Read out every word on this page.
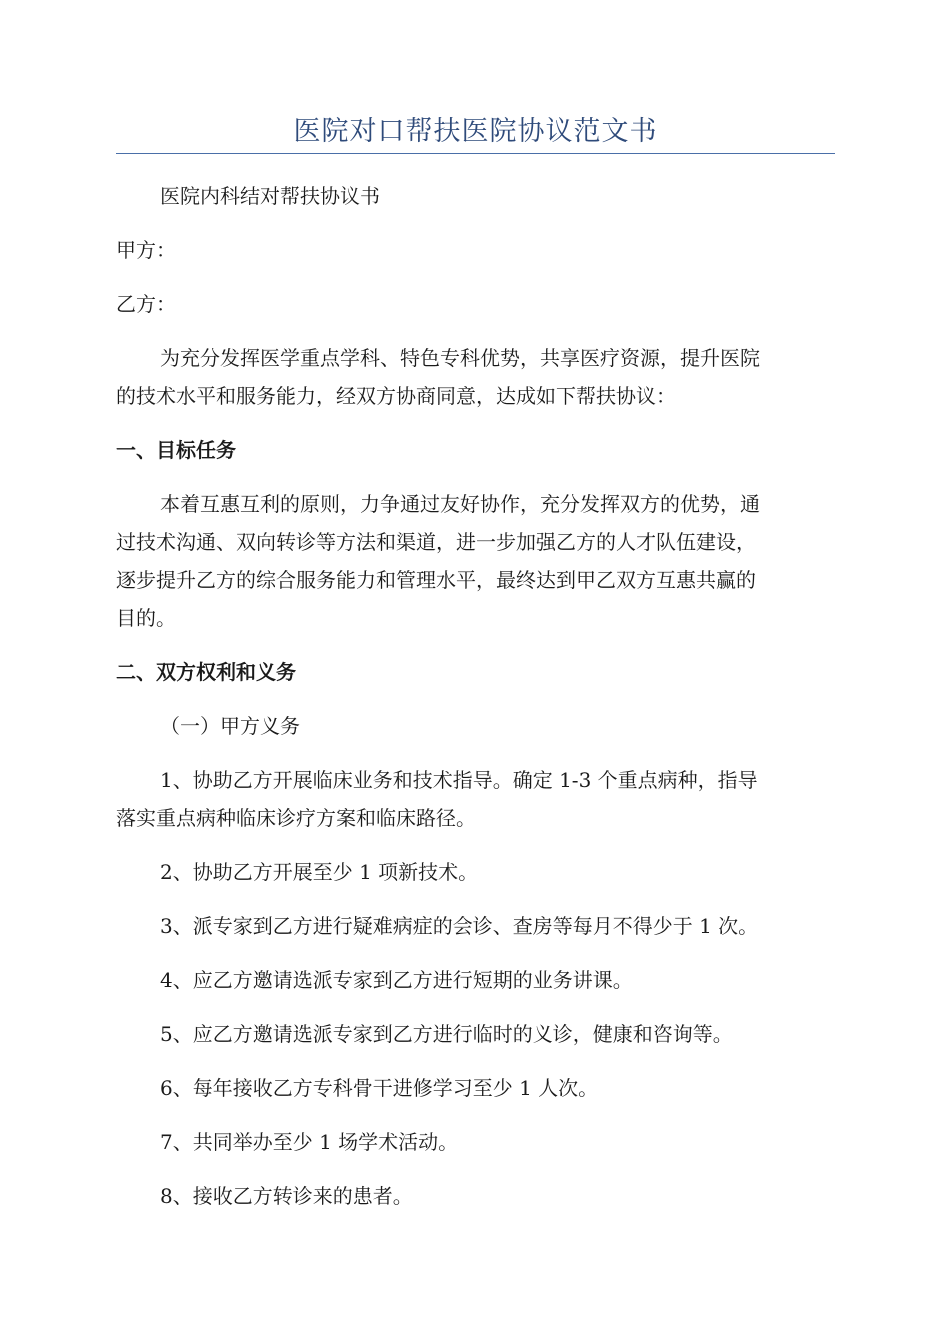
医院对口帮扶医院协议范文书
医院内科结对帮扶协议书
甲方：
乙方：
为充分发挥医学重点学科、特色专科优势，共享医疗资源，提升医院
的技术水平和服务能力，经双方协商同意，达成如下帮扶协议：
一、目标任务
本着互惠互利的原则，力争通过友好协作，充分发挥双方的优势，通
过技术沟通、双向转诊等方法和渠道，进一步加强乙方的人才队伍建设，
逐步提升乙方的综合服务能力和管理水平，最终达到甲乙双方互惠共赢的
目的。
二、双方权利和义务
（一）甲方义务
1、协助乙方开展临床业务和技术指导。确定 1-3 个重点病种，指导
落实重点病种临床诊疗方案和临床路径。
2、协助乙方开展至少 1 项新技术。
3、派专家到乙方进行疑难病症的会诊、查房等每月不得少于 1 次。
4、应乙方邀请选派专家到乙方进行短期的业务讲课。
5、应乙方邀请选派专家到乙方进行临时的义诊，健康和咨询等。
6、每年接收乙方专科骨干进修学习至少 1 人次。
7、共同举办至少 1 场学术活动。
8、接收乙方转诊来的患者。
